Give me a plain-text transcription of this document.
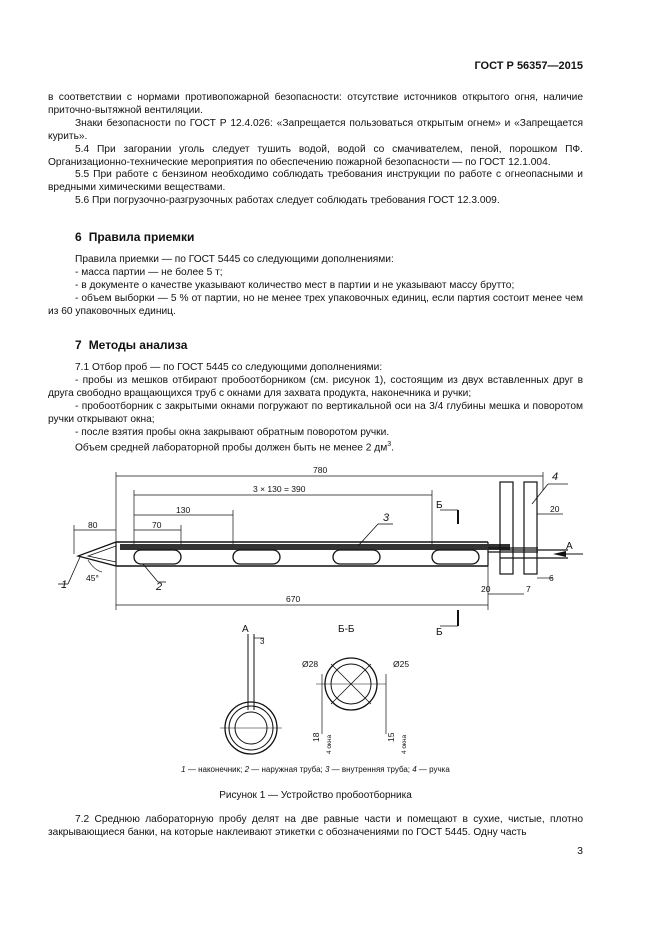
ГОСТ Р 56357—2015

в соответствии с нормами противопожарной безопасности: отсутствие источников открытого огня, наличие приточно-вытяжной вентиляции.

Знаки безопасности по ГОСТ Р 12.4.026: «Запрещается пользоваться открытым огнем» и «Запрещается курить».

5.4 При загорании уголь следует тушить водой, водой со смачивателем, пеной, порошком ПФ. Организационно-технические мероприятия по обеспечению пожарной безопасности — по ГОСТ 12.1.004.

5.5 При работе с бензином необходимо соблюдать требования инструкции по работе с огнеопасными и вредными химическими веществами.

5.6 При погрузочно-разгрузочных работах следует соблюдать требования ГОСТ 12.3.009.

6 Правила приемки

Правила приемки — по ГОСТ 5445 со следующими дополнениями:

- масса партии — не более 5 т;

- в документе о качестве указывают количество мест в партии и не указывают массу брутто;

- объем выборки — 5 % от партии, но не менее трех упаковочных единиц, если партия состоит менее чем из 60 упаковочных единиц.

7 Методы анализа

7.1 Отбор проб — по ГОСТ 5445 со следующими дополнениями:

- пробы из мешков отбирают пробоотборником (см. рисунок 1), состоящим из двух вставленных друг в друга свободно вращающихся труб с окнами для захвата продукта, наконечника и ручки;

- пробоотборник с закрытыми окнами погружают по вертикальной оси на 3/4 глубины мешка и поворотом ручки открывают окна;

- после взятия пробы окна закрывают обратным поворотом ручки.

Объем средней лабораторной пробы должен быть не менее 2 $дм^3$.

780
3 × 130 = 390
130
70
80
20
4
А
Б
Б
3
2
1
45°
670
20	7
6
А
3
Б-Б
Ø28	Ø25
18 4 окна	15 4 окна
1 — наконечник; 2 — наружная труба; 3 — внутренняя труба; 4 — ручка
Рисунок 1 — Устройство пробоотборника

7.2 Среднюю лабораторную пробу делят на две равные части и помещают в сухие, чистые, плотно закрывающиеся банки, на которые наклеивают этикетки с обозначениями по ГОСТ 5445. Одну часть

3
